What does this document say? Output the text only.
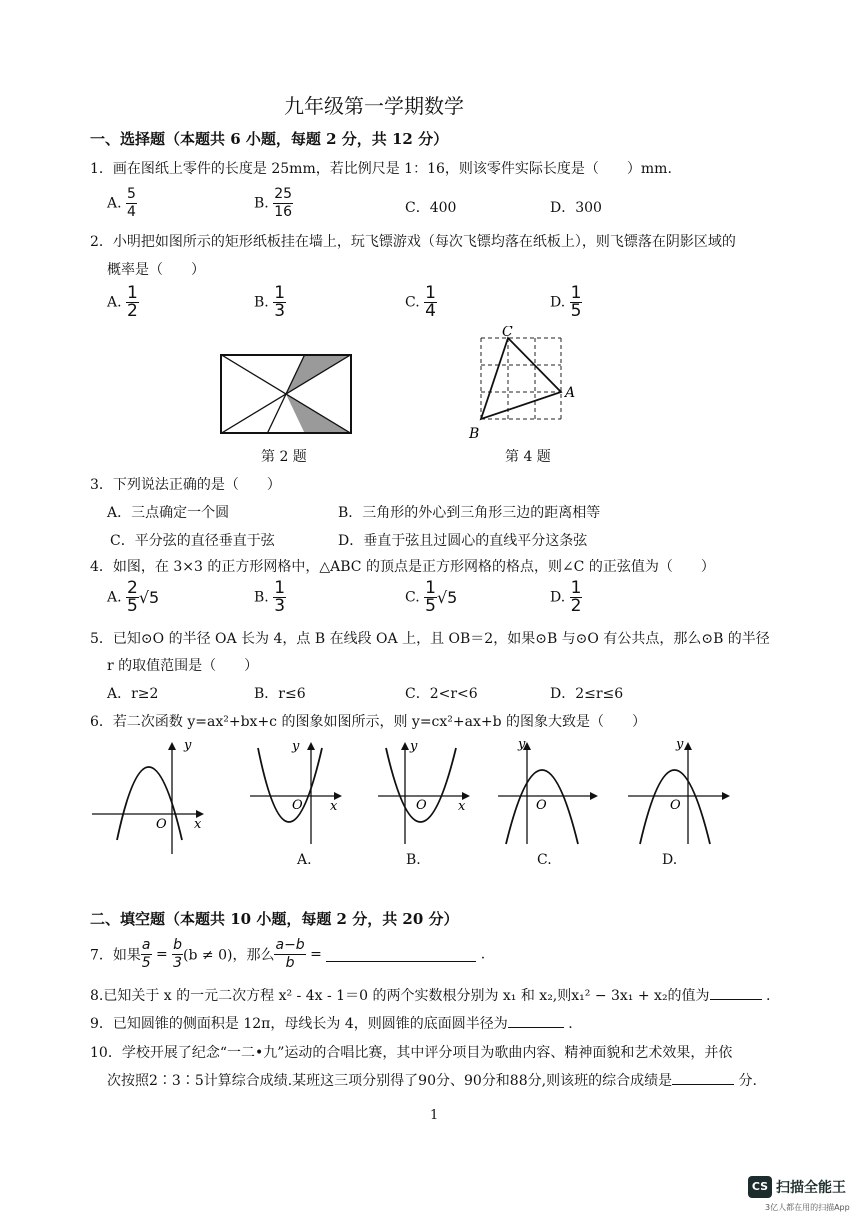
九年级第一学期数学
一、选择题（本题共 6 小题，每题 2 分，共 12 分）
1．画在图纸上零件的长度是 25mm，若比例尺是 1：16，则该零件实际长度是（　　）mm.
A. $\frac{5}{4}$	B. $\frac{25}{16}$	C．400	D．300
2．小明把如图所示的矩形纸板挂在墙上，玩飞镖游戏（每次飞镖均落在纸板上），则飞镖落在阴影区域的
概率是（　　）
A. $\frac{1}{2}$	B. $\frac{1}{3}$	C. $\frac{1}{4}$	D. $\frac{1}{5}$
第 2 题
C
A
B
第 4 题
3．下列说法正确的是（　　）
A．三点确定一个圆	B．三角形的外心到三角形三边的距离相等
C．平分弦的直径垂直于弦	D．垂直于弦且过圆心的直线平分这条弦
4．如图，在 3×3 的正方形网格中，△ABC 的顶点是正方形网格的格点，则∠C 的正弦值为（　　）
A. $\frac{2}{5} √5$	B. $\frac{1}{3}$	C. $\frac{1}{5} √5$	D. $\frac{1}{2}$
5．已知⊙O 的半径 OA 长为 4，点 B 在线段 OA 上，且 OB＝2，如果⊙B 与⊙O 有公共点，那么⊙B 的半径
r 的取值范围是（　　）
A．r≥2	B．r≤6	C．2<r<6	D．2≤r≤6
6．若二次函数 y=ax²+bx+c 的图象如图所示，则 y=cx²+ax+b 的图象大致是（　　）
y
x
O
y
x
O
A.
y
x
O
B.
y
O
C.
y
O
D.
二、填空题（本题共 10 小题，每题 2 分，共 20 分）
7．如果 $\frac{a}{5} = \frac{b}{3} (b \ne 0)$，那么 $\frac{a-b}{b}$ =	.
8.已知关于 x 的一元二次方程 x² - 4x - 1＝0 的两个实数根分别为 x₁ 和 x₂,则x₁² − 3x₁ + x₂的值为	.
9．已知圆锥的侧面积是 12π，母线长为 4，则圆锥的底面圆半径为	.
10．学校开展了纪念“一二•九”运动的合唱比赛，其中评分项目为歌曲内容、精神面貌和艺术效果，并依
次按照2∶3∶5计算综合成绩.某班这三项分别得了90分、90分和88分,则该班的综合成绩是	分.
1
CS 扫描全能王
3亿人都在用的扫描App
